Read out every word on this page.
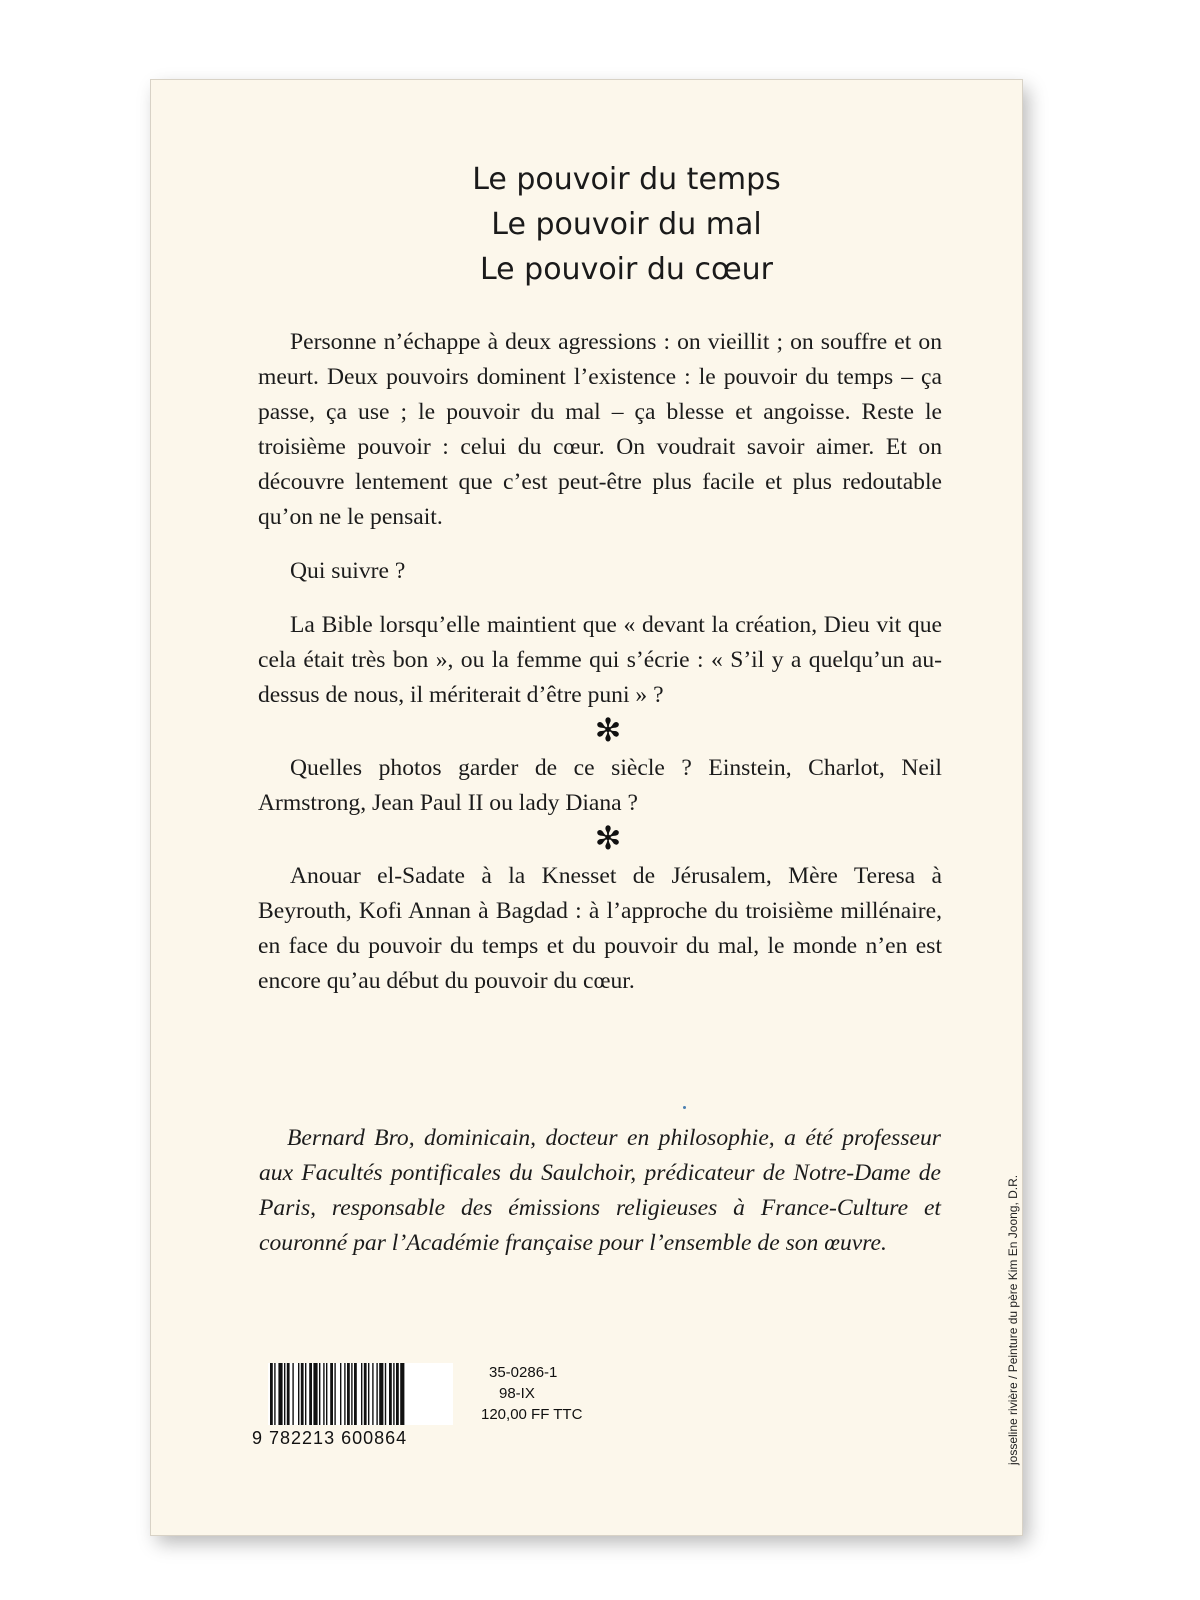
Le pouvoir du temps
Le pouvoir du mal
Le pouvoir du cœur

Personne n’échappe à deux agressions : on vieillit ; on souffre et on meurt. Deux pouvoirs dominent l’existence : le pouvoir du temps – ça passe, ça use ; le pouvoir du mal – ça blesse et angoisse. Reste le troisième pouvoir : celui du cœur. On voudrait savoir aimer. Et on découvre lentement que c’est peut-être plus facile et plus redoutable qu’on ne le pensait.

Qui suivre ?

La Bible lorsqu’elle maintient que « devant la création, Dieu vit que cela était très bon », ou la femme qui s’écrie : « S’il y a quelqu’un au-dessus de nous, il mériterait d’être puni » ?

✻

Quelles photos garder de ce siècle ? Einstein, Charlot, Neil Armstrong, Jean Paul II ou lady Diana ?

✻

Anouar el-Sadate à la Knesset de Jérusalem, Mère Teresa à Beyrouth, Kofi Annan à Bagdad : à l’approche du troisième millénaire, en face du pouvoir du temps et du pouvoir du mal, le monde n’en est encore qu’au début du pouvoir du cœur.

Bernard Bro, dominicain, docteur en philosophie, a été professeur aux Facultés pontificales du Saulchoir, prédicateur de Notre-Dame de Paris, responsable des émissions religieuses à France-Culture et couronné par l’Académie française pour l’ensemble de son œuvre.
9 782213 600864
35-0286-1
98-IX
120,00 FF TTC	josseline rivière / Peinture du père Kim En Joong, D.R.
